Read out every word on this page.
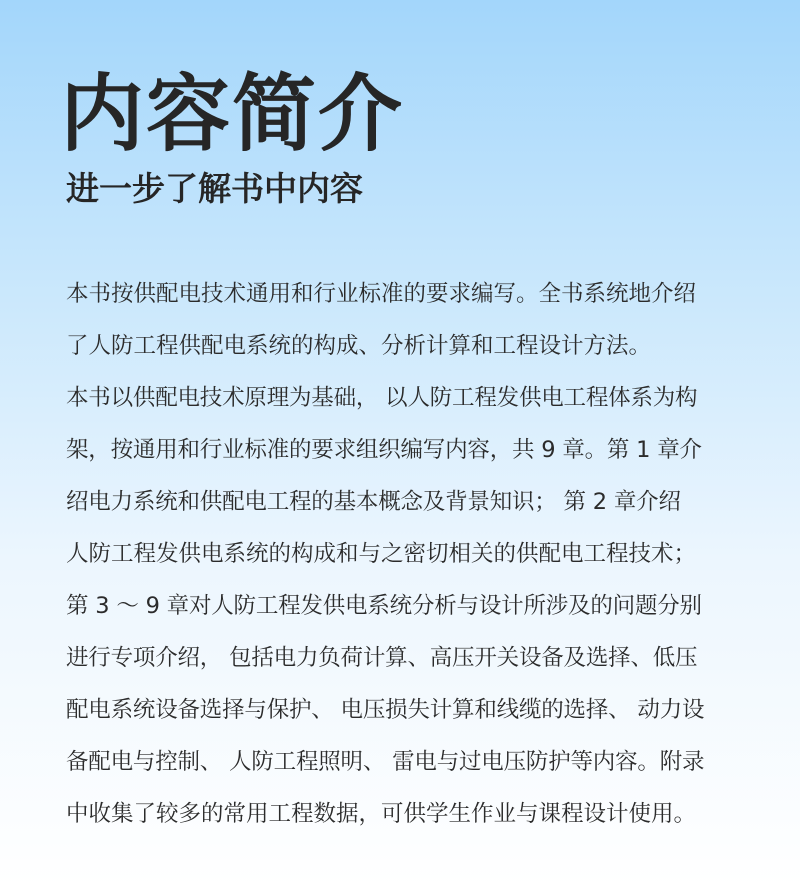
内容简介
进一步了解书中内容
本书按供配电技术通用和行业标准的要求编写。全书系统地介绍
了人防工程供配电系统的构成、分析计算和工程设计方法。
本书以供配电技术原理为基础， 以人防工程发供电工程体系为构
架，按通用和行业标准的要求组织编写内容，共 9 章。第 1 章介
绍电力系统和供配电工程的基本概念及背景知识； 第 2 章介绍
人防工程发供电系统的构成和与之密切相关的供配电工程技术；
第 3 ～ 9 章对人防工程发供电系统分析与设计所涉及的问题分别
进行专项介绍， 包括电力负荷计算、高压开关设备及选择、低压
配电系统设备选择与保护、 电压损失计算和线缆的选择、 动力设
备配电与控制、 人防工程照明、 雷电与过电压防护等内容。附录
中收集了较多的常用工程数据，可供学生作业与课程设计使用。
